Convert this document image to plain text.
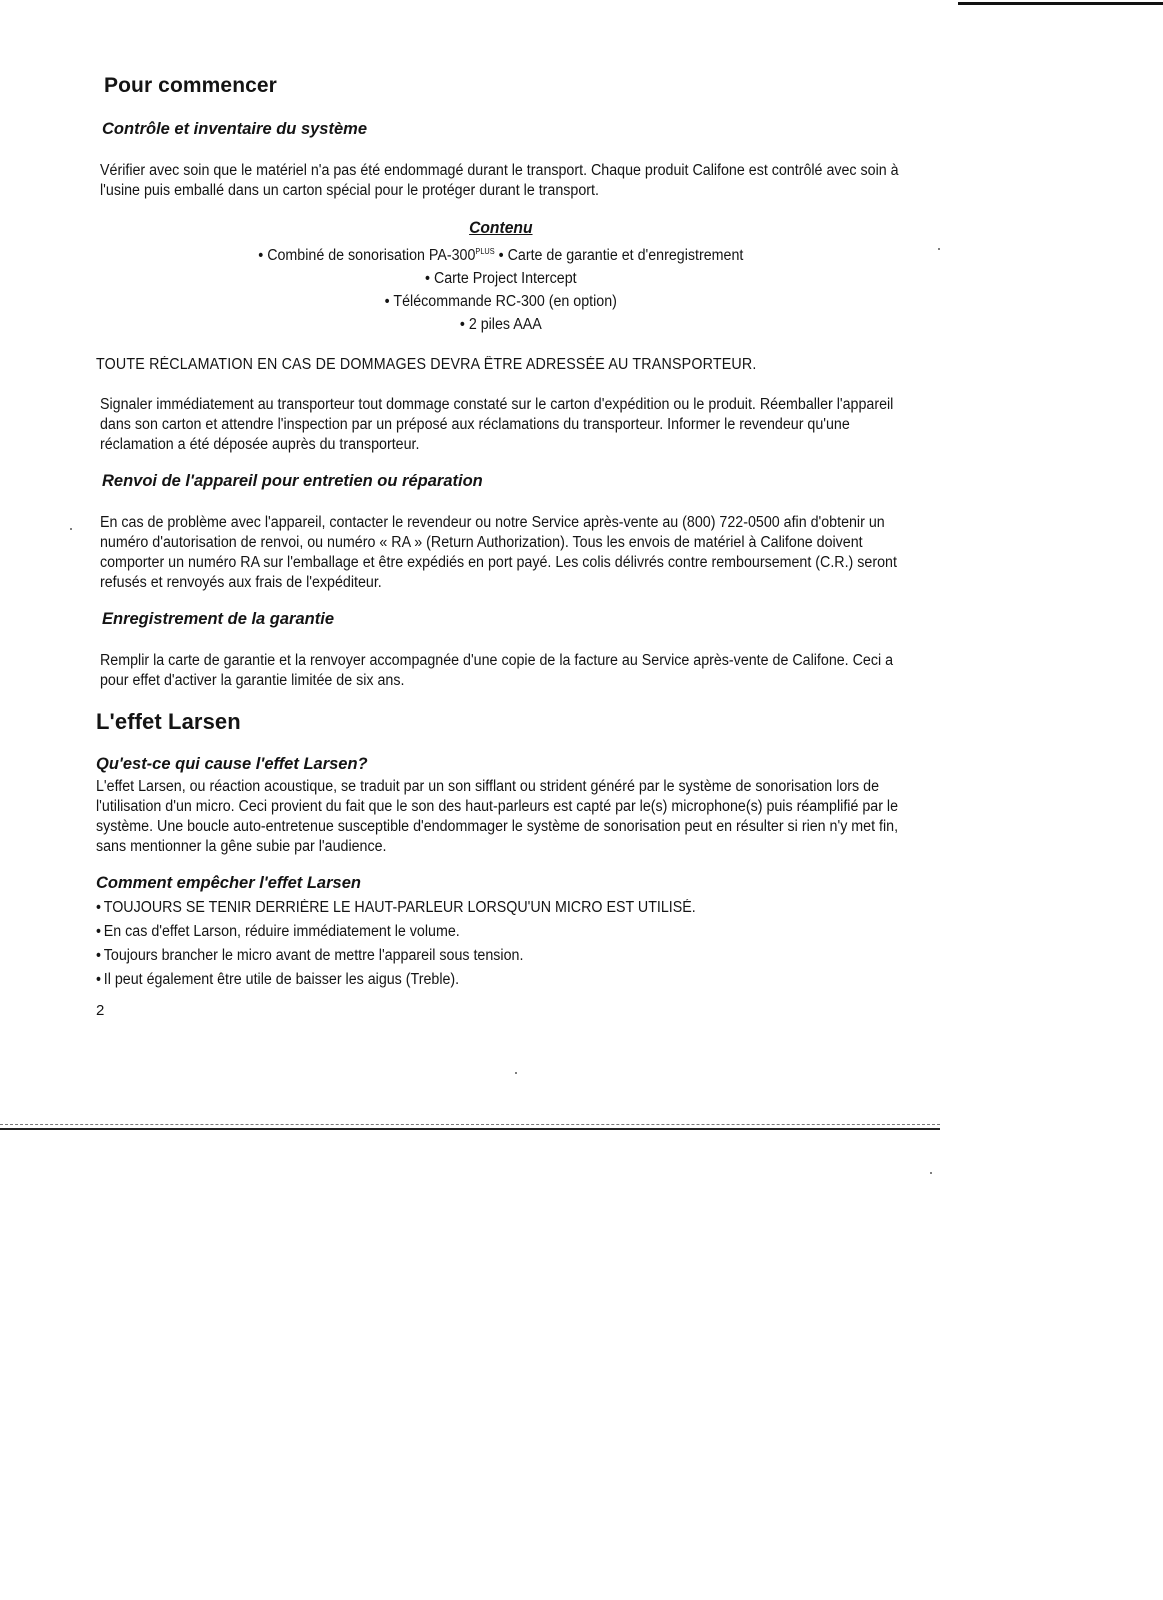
Pour commencer
Contrôle et inventaire du système

Vérifier avec soin que le matériel n'a pas été endommagé durant le transport. Chaque produit Califone est contrôlé avec soin à l'usine puis emballé dans un carton spécial pour le protéger durant le transport.

Contenu
• Combiné de sonorisation $PA-300^{PLUS}$ • Carte de garantie et d'enregistrement
• Carte Project Intercept
• Télécommande RC-300 (en option)
• 2 piles AAA
TOUTE RÉCLAMATION EN CAS DE DOMMAGES DEVRA ÊTRE ADRESSÉE AU TRANSPORTEUR.

Signaler immédiatement au transporteur tout dommage constaté sur le carton d'expédition ou le produit. Réemballer l'appareil dans son carton et attendre l'inspection par un préposé aux réclamations du transporteur. Informer le revendeur qu'une réclamation a été déposée auprès du transporteur.

Renvoi de l'appareil pour entretien ou réparation

En cas de problème avec l'appareil, contacter le revendeur ou notre Service après-vente au (800) 722-0500 afin d'obtenir un numéro d'autorisation de renvoi, ou numéro « RA » (Return Authorization). Tous les envois de matériel à Califone doivent comporter un numéro RA sur l'emballage et être expédiés en port payé. Les colis délivrés contre remboursement (C.R.) seront refusés et renvoyés aux frais de l'expéditeur.

Enregistrement de la garantie

Remplir la carte de garantie et la renvoyer accompagnée d'une copie de la facture au Service après-vente de Califone. Ceci a pour effet d'activer la garantie limitée de six ans.

L'effet Larsen
Qu'est-ce qui cause l'effet Larsen?

L'effet Larsen, ou réaction acoustique, se traduit par un son sifflant ou strident généré par le système de sonorisation lors de l'utilisation d'un micro. Ceci provient du fait que le son des haut-parleurs est capté par le(s) microphone(s) puis réamplifié par le système. Une boucle auto-entretenue susceptible d'endommager le système de sonorisation peut en résulter si rien n'y met fin, sans mentionner la gêne subie par l'audience.

Comment empêcher l'effet Larsen
• TOUJOURS SE TENIR DERRIÈRE LE HAUT-PARLEUR LORSQU'UN MICRO EST UTILISÉ.
• En cas d'effet Larson, réduire immédiatement le volume.
• Toujours brancher le micro avant de mettre l'appareil sous tension.
• Il peut également être utile de baisser les aigus (Treble).
2
